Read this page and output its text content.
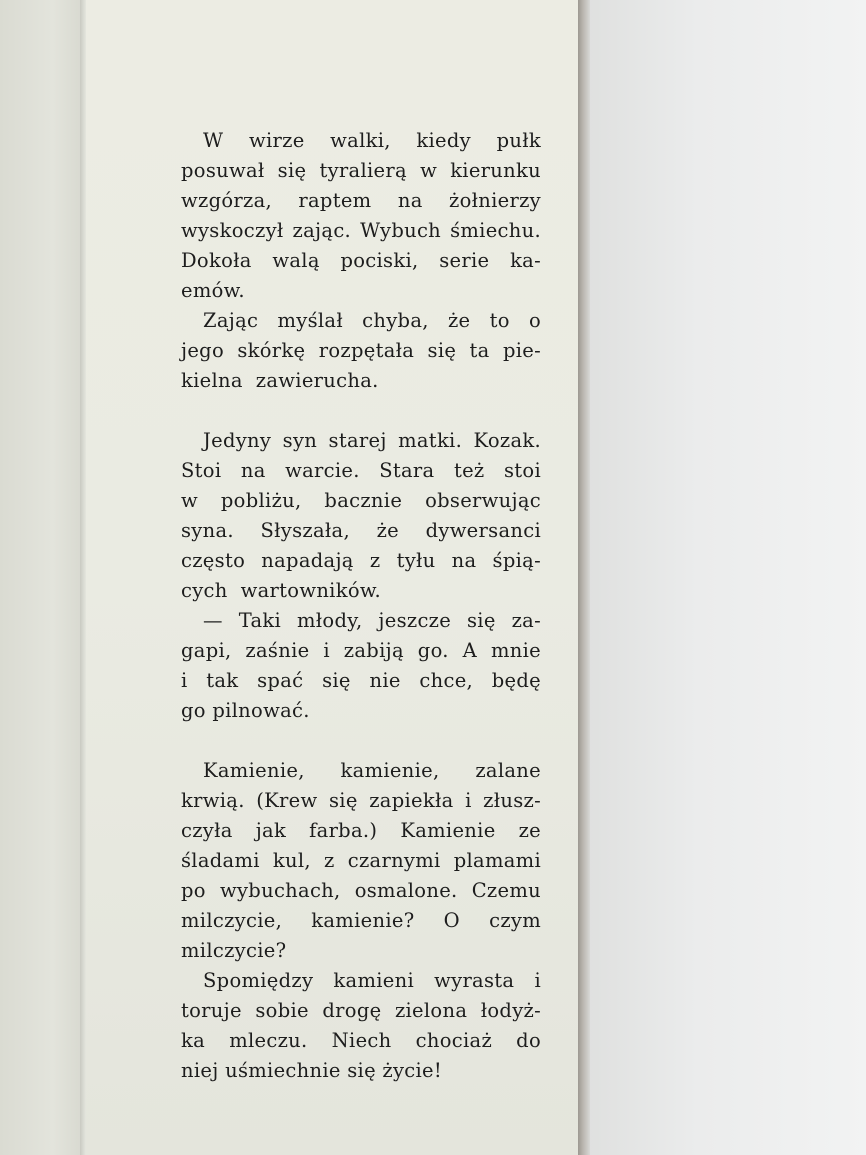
W  wirze  walki,  kiedy  pułk
posuwał się tyralierą w kierunku
wzgórza,  raptem  na  żołnierzy
wyskoczył zając. Wybuch śmiechu.
Dokoła walą pociski, serie ka-
emów.
Zając myślał chyba, że to o
jego skórkę rozpętała się ta pie-
kielna  zawierucha.
Jedyny syn starej matki. Kozak.
Stoi  na  warcie.  Stara  też  stoi
w  pobliżu,  bacznie  obserwując
syna.  Słyszała,  że  dywersanci
często napadają z tyłu na śpią-
cych  wartowników.
— Taki młody, jeszcze się za-
gapi, zaśnie i zabiją go. A mnie
i tak spać się nie chce, będę
go pilnować.
Kamienie,  kamienie,  zalane
krwią. (Krew się zapiekła i złusz-
czyła jak farba.) Kamienie ze
śladami kul, z czarnymi plamami
po wybuchach, osmalone. Czemu
milczycie,  kamienie?  O  czym
milczycie?
Spomiędzy kamieni wyrasta i
toruje sobie drogę zielona łodyż-
ka  mleczu.  Niech  chociaż  do
niej uśmiechnie się życie!
